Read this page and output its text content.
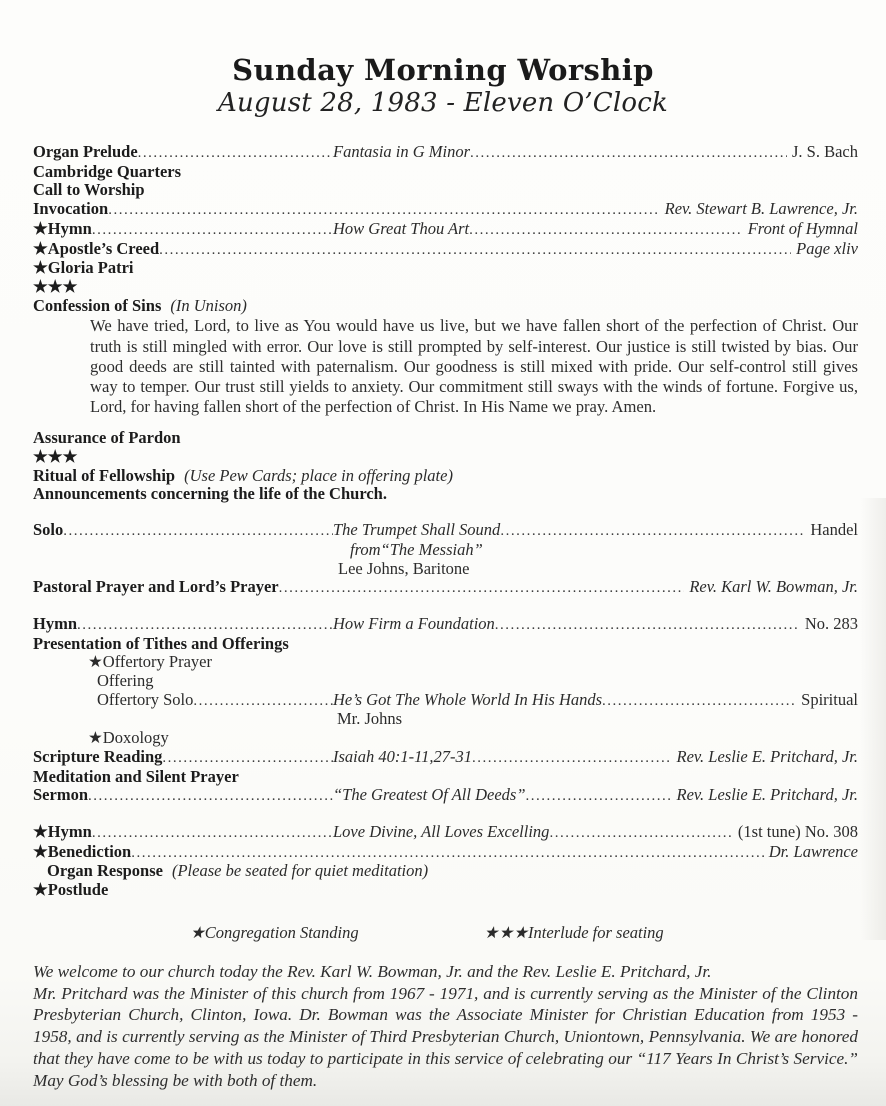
Sunday Morning Worship
August 28, 1983 - Eleven O’Clock
Organ Prelude .....	Fantasia in G Minor .....	J. S. Bach
Cambridge Quarters
Call to Worship
Invocation .....	Rev. Stewart B. Lawrence, Jr.
★Hymn .....	How Great Thou Art .....	Front of Hymnal
★Apostle’s Creed .....	Page xliv
★Gloria Patri
★★★
Confession of Sins (In Unison)
We have tried, Lord, to live as You would have us live, but we have fallen short of the perfection of Christ. Our truth is still mingled with error. Our love is still prompted by self-interest. Our justice is still twisted by bias. Our good deeds are still tainted with paternalism. Our goodness is still mixed with pride. Our self-control still gives way to temper. Our trust still yields to anxiety. Our commitment still sways with the winds of fortune. Forgive us, Lord, for having fallen short of the perfection of Christ. In His Name we pray. Amen.
Assurance of Pardon
★★★
Ritual of Fellowship (Use Pew Cards; place in offering plate)
Announcements concerning the life of the Church.
Solo .....	The Trumpet Shall Sound .....	Handel
from“The Messiah”
Lee Johns, Baritone
Pastoral Prayer and Lord’s Prayer .....	Rev. Karl W. Bowman, Jr.
Hymn .....	How Firm a Foundation .....	No. 283
Presentation of Tithes and Offerings
★Offertory Prayer
Offering
Offertory Solo .....	He’s Got The Whole World In His Hands .....	Spiritual
Mr. Johns
★Doxology
Scripture Reading .....	Isaiah 40:1-11,27-31 .....	Rev. Leslie E. Pritchard, Jr.
Meditation and Silent Prayer
Sermon .....	“The Greatest Of All Deeds” .....	Rev. Leslie E. Pritchard, Jr.
★Hymn .....	Love Divine, All Loves Excelling .....	(1st tune) No. 308
★Benediction .....	Dr. Lawrence
Organ Response (Please be seated for quiet meditation)
★Postlude
★Congregation Standing	★★★Interlude for seating

We welcome to our church today the Rev. Karl W. Bowman, Jr. and the Rev. Leslie E. Pritchard, Jr.

Mr. Pritchard was the Minister of this church from 1967 - 1971, and is currently serving as the Minister of the Clinton Presbyterian Church, Clinton, Iowa. Dr. Bowman was the Associate Minister for Christian Education from 1953 - 1958, and is currently serving as the Minister of Third Presbyterian Church, Uniontown, Pennsylvania. We are honored that they have come to be with us today to participate in this service of celebrating our “117 Years In Christ’s Service.” May God’s blessing be with both of them.
